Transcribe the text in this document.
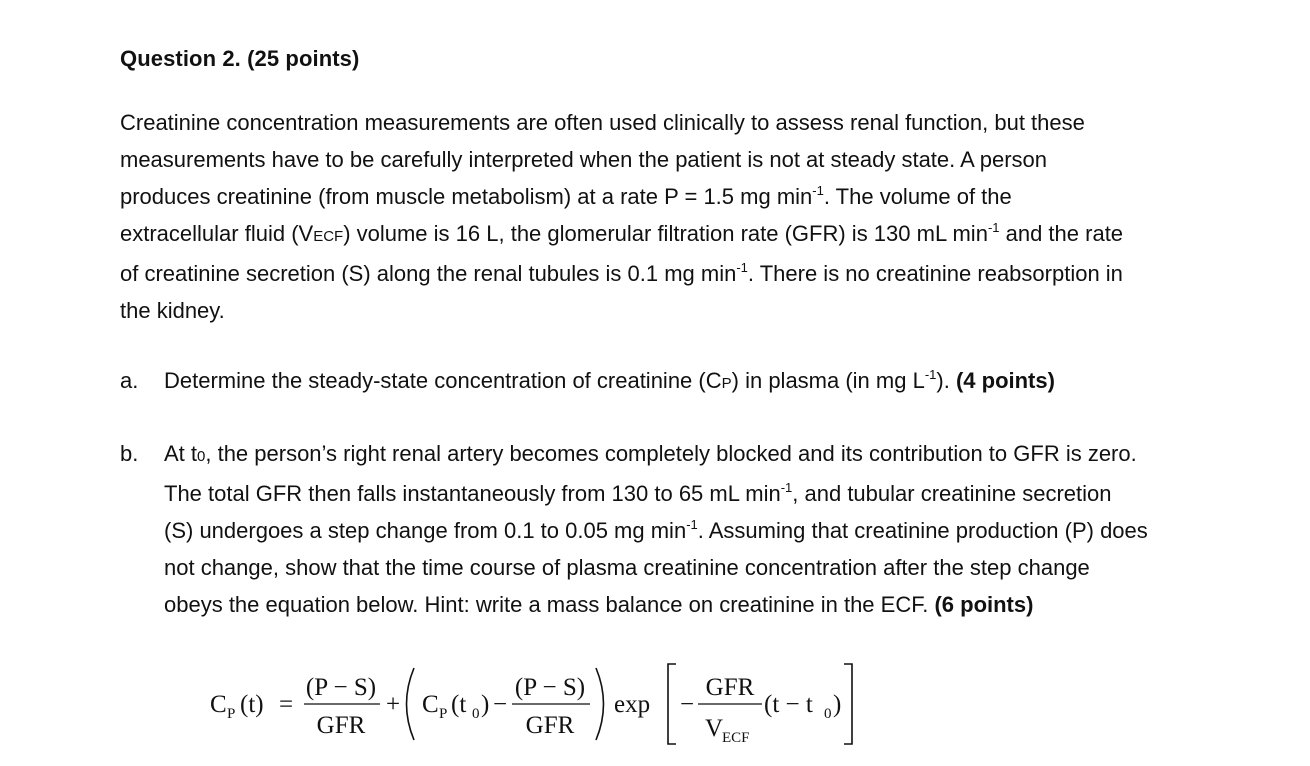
Question 2. (25 points)
Creatinine concentration measurements are often used clinically to assess renal function, but these
measurements have to be carefully interpreted when the patient is not at steady state. A person
produces creatinine (from muscle metabolism) at a rate P = 1.5 mg $\min^{-1}$. The volume of the
extracellular fluid (VECF) volume is 16 L, the glomerular filtration rate (GFR) is 130 mL $\min^{-1}$ and the rate
of creatinine secretion (S) along the renal tubules is 0.1 mg $\min^{-1}$. There is no creatinine reabsorption in
the kidney.
a. Determine the steady-state concentration of creatinine (CP) in plasma (in mg $L^{-1}$). (4 points)
b. At t0, the person’s right renal artery becomes completely blocked and its contribution to GFR is zero.
The total GFR then falls instantaneously from 130 to 65 mL $\min^{-1}$, and tubular creatinine secretion
(S) undergoes a step change from 0.1 to 0.05 mg $\min^{-1}$. Assuming that creatinine production (P) does
not change, show that the time course of plasma creatinine concentration after the step change
obeys the equation below. Hint: write a mass balance on creatinine in the ECF. (6 points)
C P (t) =
(P − S)
GFR
+ C P (t 0 ) −
(P − S)
GFR
exp −
GFR
V
ECF
(t − t 0 )
